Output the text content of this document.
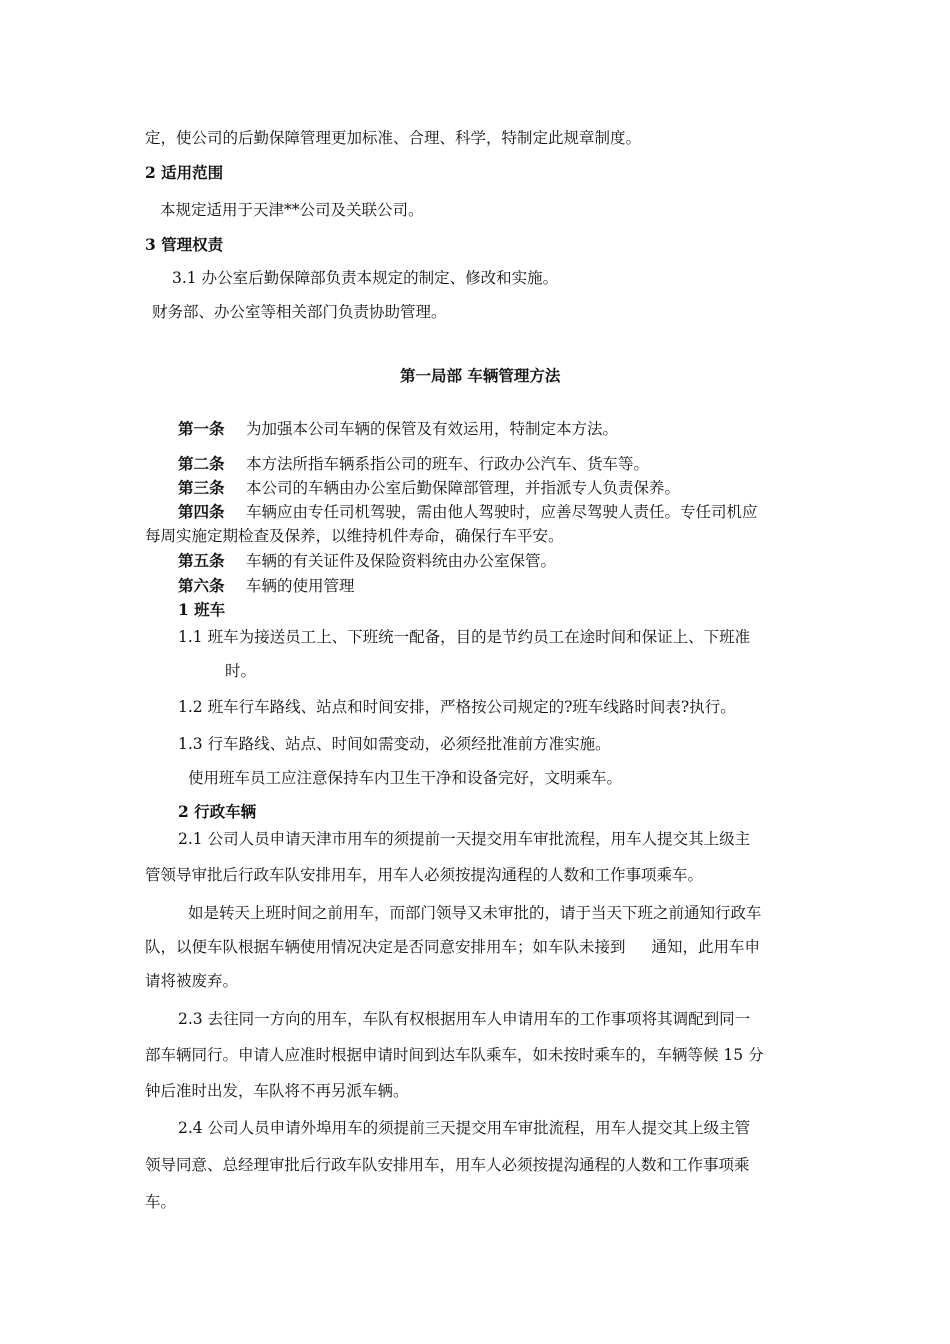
定，使公司的后勤保障管理更加标准、合理、科学，特制定此规章制度。
2 适用范围
本规定适用于天津**公司及关联公司。
3 管理权责
3.1 办公室后勤保障部负责本规定的制定、修改和实施。
财务部、办公室等相关部门负责协助管理。
第一局部 车辆管理方法
第一条 为加强本公司车辆的保管及有效运用，特制定本方法。
第二条 本方法所指车辆系指公司的班车、行政办公汽车、货车等。
第三条 本公司的车辆由办公室后勤保障部管理，并指派专人负责保养。
第四条 车辆应由专任司机驾驶，需由他人驾驶时，应善尽驾驶人责任。专任司机应
每周实施定期检查及保养，以维持机件寿命，确保行车平安。
第五条 车辆的有关证件及保险资料统由办公室保管。
第六条 车辆的使用管理
1 班车
1.1 班车为接送员工上、下班统一配备，目的是节约员工在途时间和保证上、下班准
时。
1.2 班车行车路线、站点和时间安排，严格按公司规定的?班车线路时间表?执行。
1.3 行车路线、站点、时间如需变动，必须经批准前方准实施。
使用班车员工应注意保持车内卫生干净和设备完好，文明乘车。
2 行政车辆
2.1 公司人员申请天津市用车的须提前一天提交用车审批流程，用车人提交其上级主
管领导审批后行政车队安排用车，用车人必须按提沟通程的人数和工作事项乘车。
如是转天上班时间之前用车，而部门领导又未审批的，请于当天下班之前通知行政车
队，以便车队根据车辆使用情况决定是否同意安排用车；如车队未接到 通知，此用车申
请将被废弃。
2.3 去往同一方向的用车，车队有权根据用车人申请用车的工作事项将其调配到同一
部车辆同行。申请人应准时根据申请时间到达车队乘车，如未按时乘车的，车辆等候 15 分
钟后准时出发，车队将不再另派车辆。
2.4 公司人员申请外埠用车的须提前三天提交用车审批流程，用车人提交其上级主管
领导同意、总经理审批后行政车队安排用车，用车人必须按提沟通程的人数和工作事项乘
车。
